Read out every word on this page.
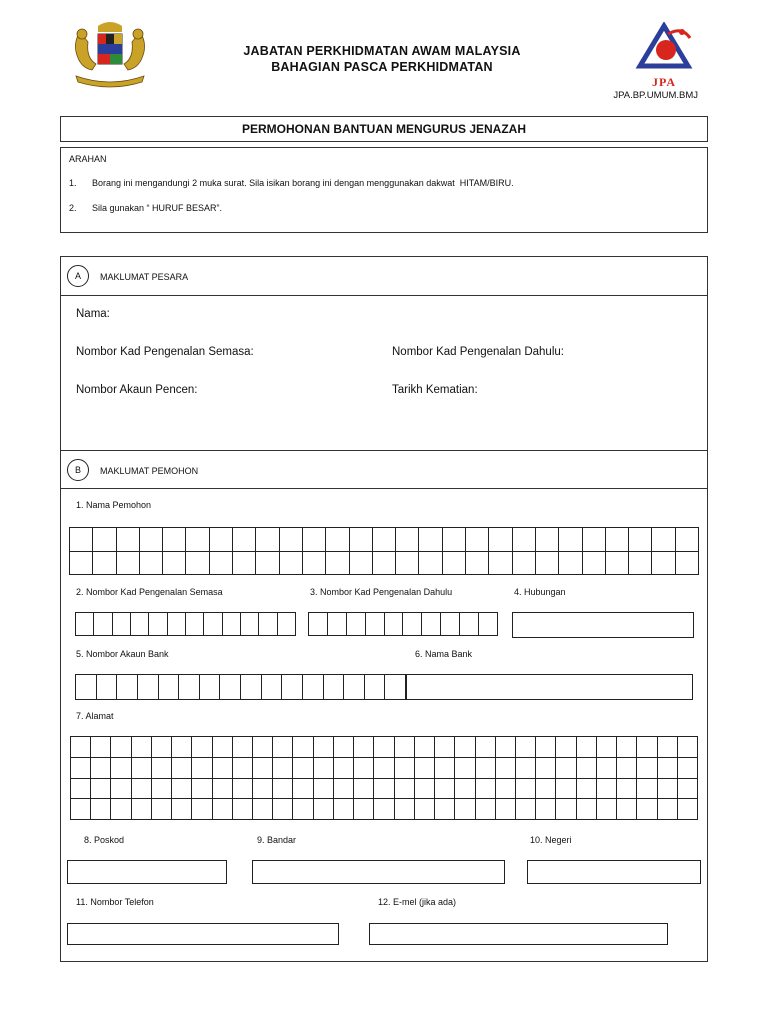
JABATAN PERKHIDMATAN AWAM MALAYSIA
BAHAGIAN PASCA PERKHIDMATAN
JPA
JPA.BP.UMUM.BMJ
PERMOHONAN BANTUAN MENGURUS JENAZAH
ARAHAN
1. Borang ini mengandungi 2 muka surat. Sila isikan borang ini dengan menggunakan dakwat  HITAM/BIRU.
2. Sila gunakan “ HURUF BESAR”.
A	MAKLUMAT PESARA
Nama:
Nombor Kad Pengenalan Semasa:	Nombor Kad Pengenalan Dahulu:
Nombor Akaun Pencen:	Tarikh Kematian:
B	MAKLUMAT PEMOHON
1. Nama Pemohon
2. Nombor Kad Pengenalan Semasa	3. Nombor Kad Pengenalan Dahulu	4. Hubungan
5. Nombor Akaun Bank	6. Nama Bank
7. Alamat
8. Poskod	9. Bandar	10. Negeri
11. Nombor Telefon	12. E-mel (jika ada)
